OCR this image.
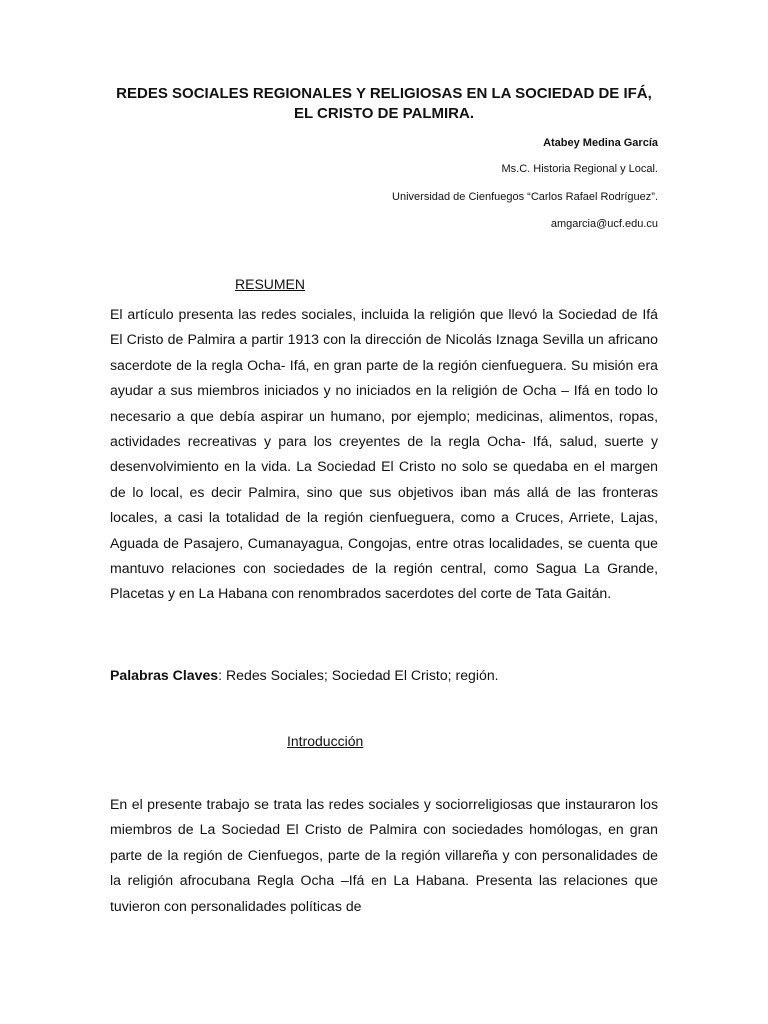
REDES SOCIALES REGIONALES Y RELIGIOSAS EN LA SOCIEDAD DE IFÁ, EL CRISTO DE PALMIRA.
Atabey Medina García
Ms.C. Historia Regional y Local.
Universidad de Cienfuegos “Carlos Rafael Rodríguez”.
amgarcia@ucf.edu.cu
RESUMEN

El artículo presenta las redes sociales, incluida la religión que llevó la Sociedad de Ifá El Cristo de Palmira a partir 1913 con la dirección de Nicolás Iznaga Sevilla un africano sacerdote de la regla Ocha- Ifá, en gran parte de la región cienfueguera. Su misión era ayudar a sus miembros iniciados y no iniciados en la religión de Ocha – Ifá en todo lo necesario a que debía aspirar un humano, por ejemplo; medicinas, alimentos, ropas, actividades recreativas y para los creyentes de la regla Ocha- Ifá, salud, suerte y desenvolvimiento en la vida. La Sociedad El Cristo no solo se quedaba en el margen de lo local, es decir Palmira, sino que sus objetivos iban más allá de las fronteras locales, a casi la totalidad de la región cienfueguera, como a Cruces, Arriete, Lajas, Aguada de Pasajero, Cumanayagua, Congojas, entre otras localidades, se cuenta que mantuvo relaciones con sociedades de la región central, como Sagua La Grande, Placetas y en La Habana con renombrados sacerdotes del corte de Tata Gaitán.

Palabras Claves: Redes Sociales; Sociedad El Cristo; región.
Introducción

En el presente trabajo se trata las redes sociales y sociorreligiosas que instauraron los miembros de La Sociedad El Cristo de Palmira con sociedades homólogas, en gran parte de la región de Cienfuegos, parte de la región villareña y con personalidades de la religión afrocubana Regla Ocha –Ifá en La Habana. Presenta las relaciones que tuvieron con personalidades políticas de
